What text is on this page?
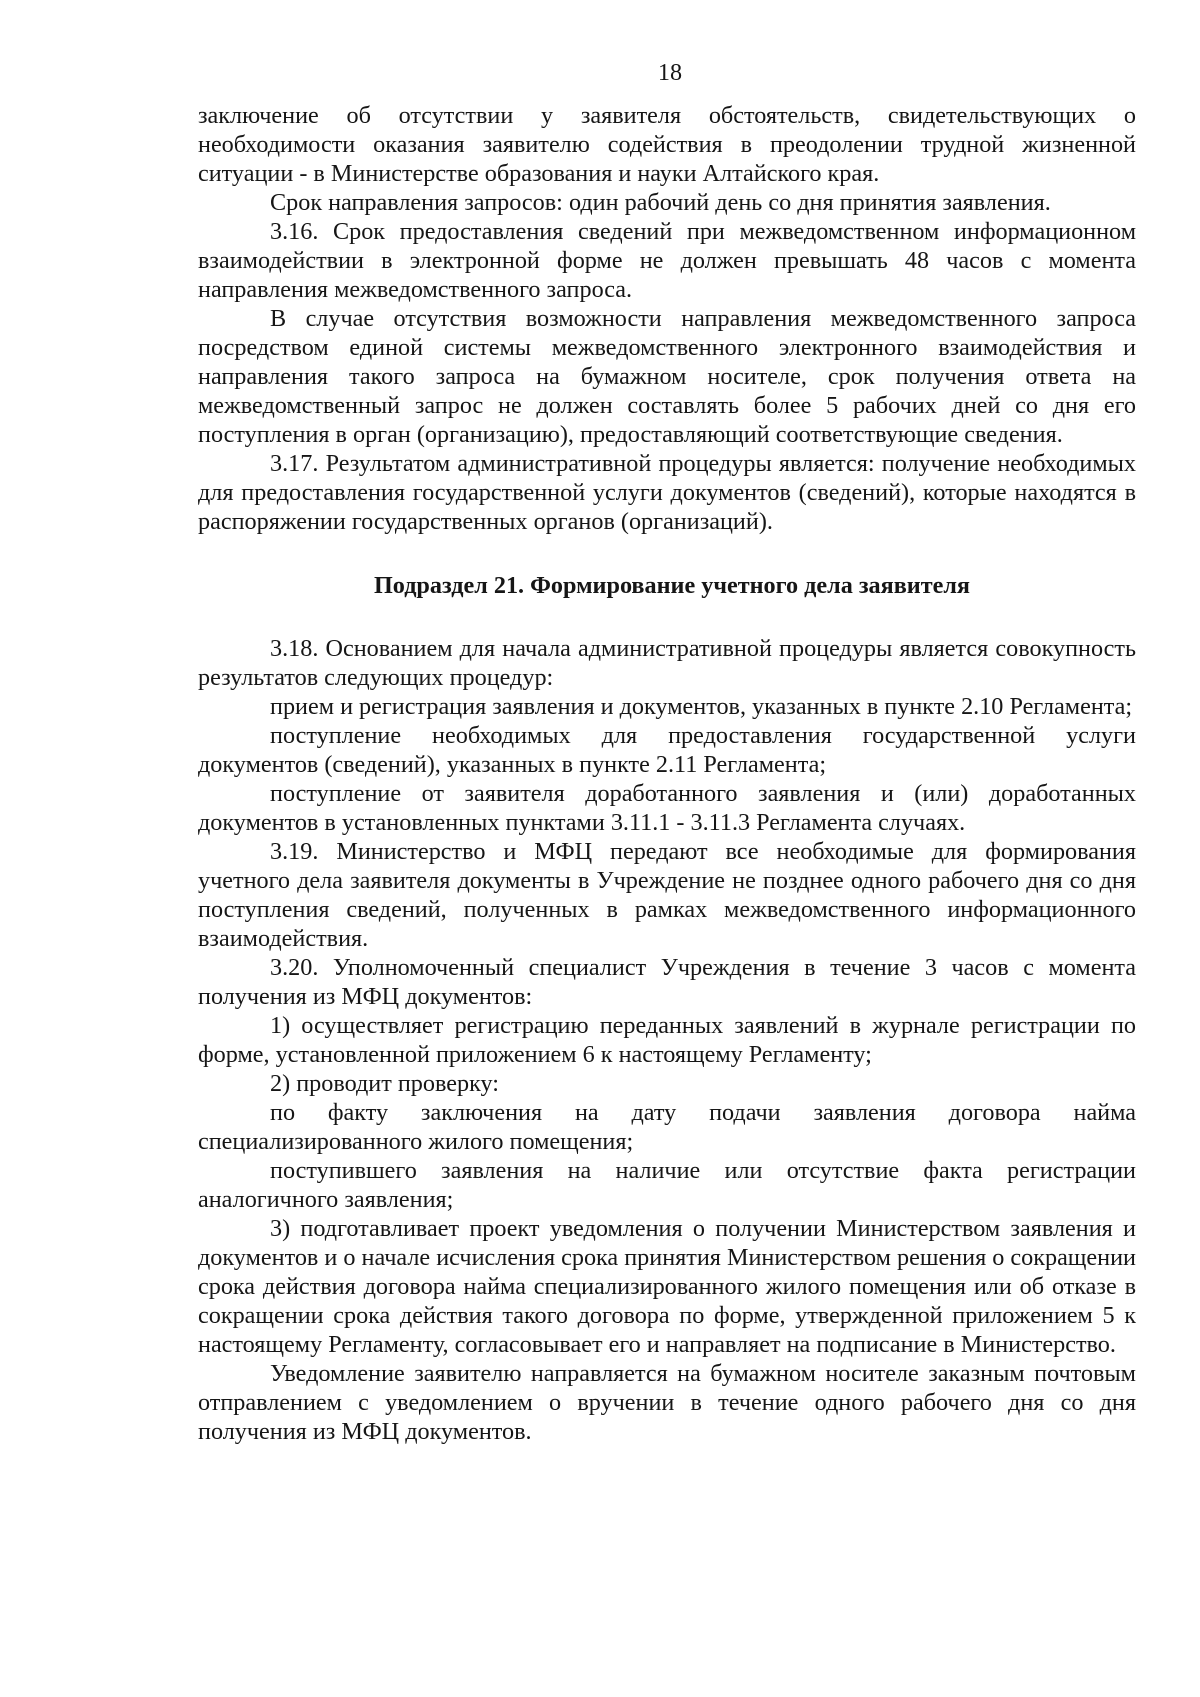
18

заключение об отсутствии у заявителя обстоятельств, свидетельствующих о необходимости оказания заявителю содействия в преодолении трудной жизненной ситуации - в Министерстве образования и науки Алтайского края.

Срок направления запросов: один рабочий день со дня принятия заявления.

3.16. Срок предоставления сведений при межведомственном информационном взаимодействии в электронной форме не должен превышать 48 часов с момента направления межведомственного запроса.

В случае отсутствия возможности направления межведомственного запроса посредством единой системы межведомственного электронного взаимодействия и направления такого запроса на бумажном носителе, срок получения ответа на межведомственный запрос не должен составлять более 5 рабочих дней со дня его поступления в орган (организацию), предоставляющий соответствующие сведения.

3.17. Результатом административной процедуры является: получение необходимых для предоставления государственной услуги документов (сведений), которые находятся в распоряжении государственных органов (организаций).

Подраздел 21. Формирование учетного дела заявителя

3.18. Основанием для начала административной процедуры является совокупность результатов следующих процедур:

прием и регистрация заявления и документов, указанных в пункте 2.10 Регламента;

поступление необходимых для предоставления государственной услуги документов (сведений), указанных в пункте 2.11 Регламента;

поступление от заявителя доработанного заявления и (или) доработанных документов в установленных пунктами 3.11.1 - 3.11.3 Регламента случаях.

3.19. Министерство и МФЦ передают все необходимые для формирования учетного дела заявителя документы в Учреждение не позднее одного рабочего дня со дня поступления сведений, полученных в рамках межведомственного информационного взаимодействия.

3.20. Уполномоченный специалист Учреждения в течение 3 часов с момента получения из МФЦ документов:

1) осуществляет регистрацию переданных заявлений в журнале регистрации по форме, установленной приложением 6 к настоящему Регламенту;

2) проводит проверку:

по факту заключения на дату подачи заявления договора найма специализированного жилого помещения;

поступившего заявления на наличие или отсутствие факта регистрации аналогичного заявления;

3) подготавливает проект уведомления о получении Министерством заявления и документов и о начале исчисления срока принятия Министерством решения о сокращении срока действия договора найма специализированного жилого помещения или об отказе в сокращении срока действия такого договора по форме, утвержденной приложением 5 к настоящему Регламенту, согласовывает его и направляет на подписание в Министерство.

Уведомление заявителю направляется на бумажном носителе заказным почтовым отправлением с уведомлением о вручении в течение одного рабочего дня со дня получения из МФЦ документов.
